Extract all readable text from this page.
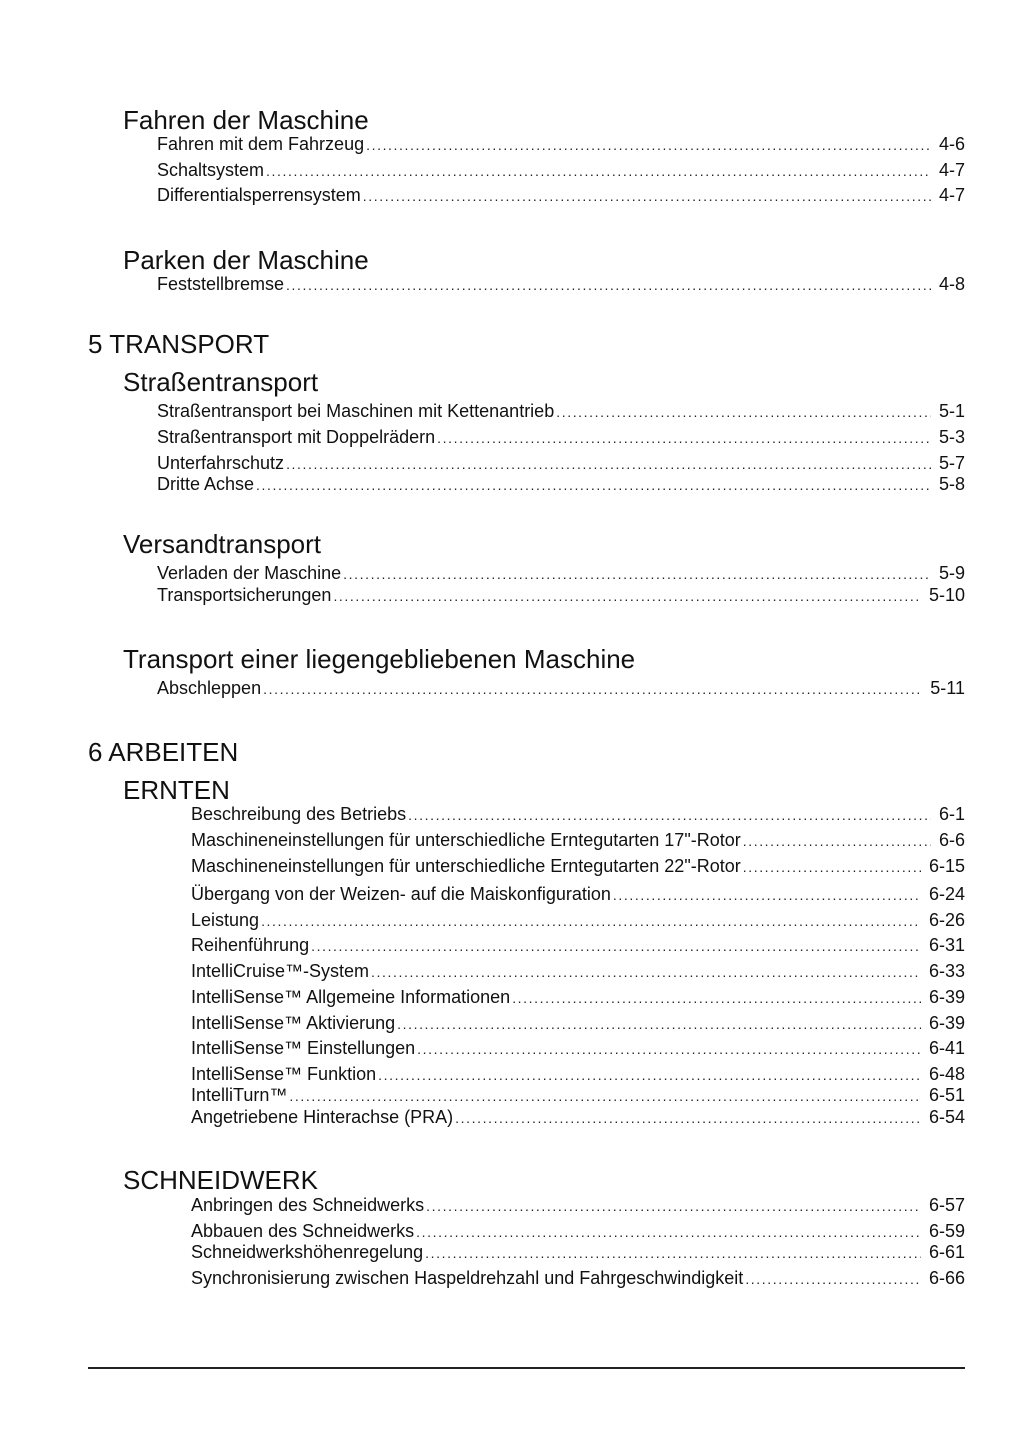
Fahren der Maschine
Fahren mit dem Fahrzeug .....	4-6
Schaltsystem .....	4-7
Differentialsperrensystem .....	4-7
Parken der Maschine
Feststellbremse .....	4-8
5 TRANSPORT
Straßentransport
Straßentransport bei Maschinen mit Kettenantrieb .....	5-1
Straßentransport mit Doppelrädern .....	5-3
Unterfahrschutz .....	5-7
Dritte Achse .....	5-8
Versandtransport
Verladen der Maschine .....	5-9
Transportsicherungen .....	5-10
Transport einer liegengebliebenen Maschine
Abschleppen .....	5-11
6 ARBEITEN
ERNTEN
Beschreibung des Betriebs .....	6-1
Maschineneinstellungen für unterschiedliche Erntegutarten 17"-Rotor .....	6-6
Maschineneinstellungen für unterschiedliche Erntegutarten 22"-Rotor .....	6-15
Übergang von der Weizen- auf die Maiskonfiguration .....	6-24
Leistung .....	6-26
Reihenführung .....	6-31
IntelliCruise™-System .....	6-33
IntelliSense™ Allgemeine Informationen .....	6-39
IntelliSense™ Aktivierung .....	6-39
IntelliSense™ Einstellungen .....	6-41
IntelliSense™ Funktion .....	6-48
IntelliTurn™ .....	6-51
Angetriebene Hinterachse (PRA) .....	6-54
SCHNEIDWERK
Anbringen des Schneidwerks .....	6-57
Abbauen des Schneidwerks .....	6-59
Schneidwerkshöhenregelung .....	6-61
Synchronisierung zwischen Haspeldrehzahl und Fahrgeschwindigkeit .....	6-66
